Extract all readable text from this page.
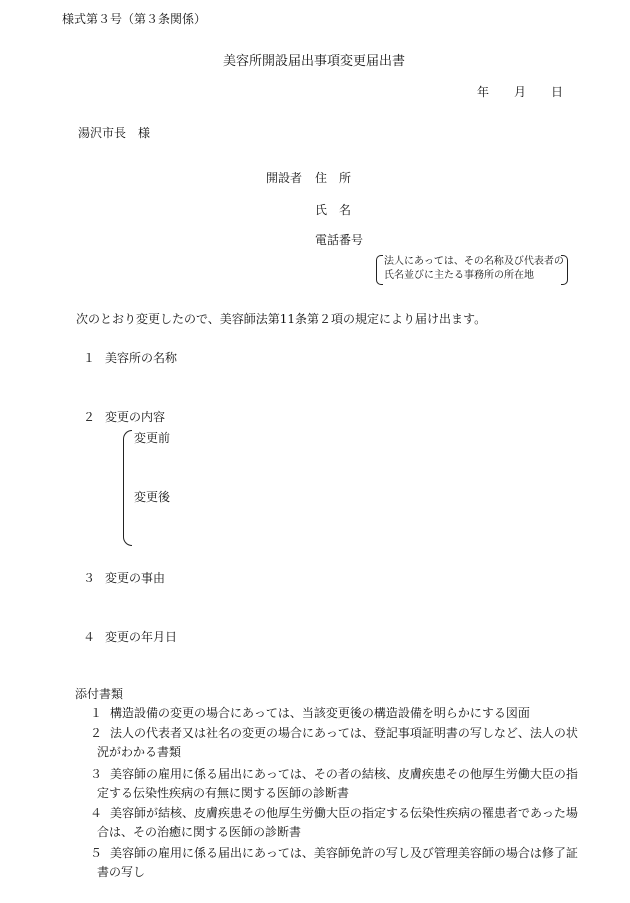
様式第３号（第３条関係）
美容所開設届出事項変更届出書
年 月 日
湯沢市長　様
開設者 住　所
氏　名
電話番号
法人にあっては、その名称及び代表者の
氏名並びに主たる事務所の所在地
次のとおり変更したので、美容師法第11条第２項の規定により届け出ます。
１ 美容所の名称
２ 変更の内容
変更前
変更後
３ 変更の事由
４ 変更の年月日
添付書類
１ 構造設備の変更の場合にあっては、当該変更後の構造設備を明らかにする図面
２ 法人の代表者又は社名の変更の場合にあっては、登記事項証明書の写しなど、法人の状
況がわかる書類
３ 美容師の雇用に係る届出にあっては、その者の結核、皮膚疾患その他厚生労働大臣の指
定する伝染性疾病の有無に関する医師の診断書
４ 美容師が結核、皮膚疾患その他厚生労働大臣の指定する伝染性疾病の罹患者であった場
合は、その治癒に関する医師の診断書
５ 美容師の雇用に係る届出にあっては、美容師免許の写し及び管理美容師の場合は修了証
書の写し
